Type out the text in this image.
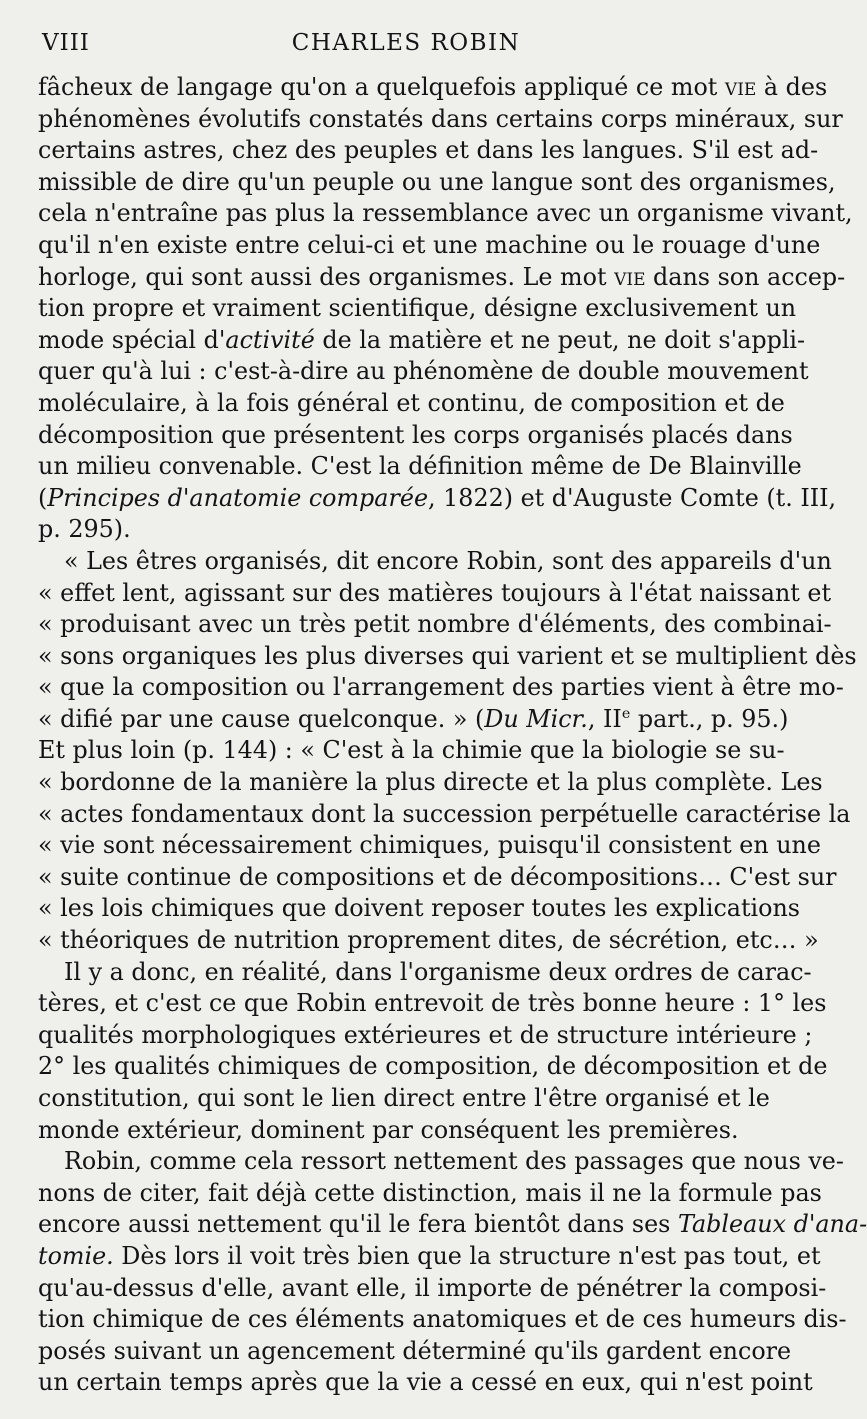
VIII	CHARLES ROBIN
fâcheux de langage qu'on a quelquefois appliqué ce mot vie à des
phénomènes évolutifs constatés dans certains corps minéraux, sur
certains astres, chez des peuples et dans les langues. S'il est ad-
missible de dire qu'un peuple ou une langue sont des organismes,
cela n'entraîne pas plus la ressemblance avec un organisme vivant,
qu'il n'en existe entre celui-ci et une machine ou le rouage d'une
horloge, qui sont aussi des organismes. Le mot vie dans son accep-
tion propre et vraiment scientifique, désigne exclusivement un
mode spécial d'activité de la matière et ne peut, ne doit s'appli-
quer qu'à lui : c'est-à-dire au phénomène de double mouvement
moléculaire, à la fois général et continu, de composition et de
décomposition que présentent les corps organisés placés dans
un milieu convenable. C'est la définition même de De Blainville
(Principes d'anatomie comparée, 1822) et d'Auguste Comte (t. III,
p. 295).
« Les êtres organisés, dit encore Robin, sont des appareils d'un
« effet lent, agissant sur des matières toujours à l'état naissant et
« produisant avec un très petit nombre d'éléments, des combinai-
« sons organiques les plus diverses qui varient et se multiplient dès
« que la composition ou l'arrangement des parties vient à être mo-
« difié par une cause quelconque. » (Du Micr., IIe part., p. 95.)
Et plus loin (p. 144) : « C'est à la chimie que la biologie se su-
« bordonne de la manière la plus directe et la plus complète. Les
« actes fondamentaux dont la succession perpétuelle caractérise la
« vie sont nécessairement chimiques, puisqu'il consistent en une
« suite continue de compositions et de décompositions… C'est sur
« les lois chimiques que doivent reposer toutes les explications
« théoriques de nutrition proprement dites, de sécrétion, etc… »
Il y a donc, en réalité, dans l'organisme deux ordres de carac-
tères, et c'est ce que Robin entrevoit de très bonne heure : 1° les
qualités morphologiques extérieures et de structure intérieure ;
2° les qualités chimiques de composition, de décomposition et de
constitution, qui sont le lien direct entre l'être organisé et le
monde extérieur, dominent par conséquent les premières.
Robin, comme cela ressort nettement des passages que nous ve-
nons de citer, fait déjà cette distinction, mais il ne la formule pas
encore aussi nettement qu'il le fera bientôt dans ses Tableaux d'ana-
tomie. Dès lors il voit très bien que la structure n'est pas tout, et
qu'au-dessus d'elle, avant elle, il importe de pénétrer la composi-
tion chimique de ces éléments anatomiques et de ces humeurs dis-
posés suivant un agencement déterminé qu'ils gardent encore
un certain temps après que la vie a cessé en eux, qui n'est point
